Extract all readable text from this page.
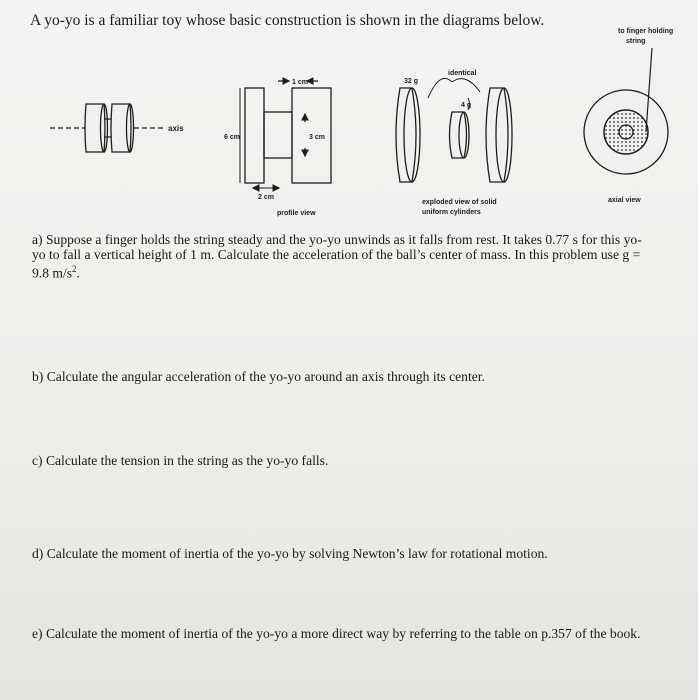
A yo-yo is a familiar toy whose basic construction is shown in the diagrams below.
axis
1 cm
6 cm	3 cm
2 cm
profile view
identical
32 g
4 g
exploded view of solid
uniform cylinders
to finger holding
string
axial view
a) Suppose a finger holds the string steady and the yo-yo unwinds as it falls from rest. It takes 0.77 s for this yo-
yo to fall a vertical height of 1 m. Calculate the acceleration of the ball’s center of mass. In this problem use g =
9.8 $m/s^2$.
b) Calculate the angular acceleration of the yo-yo around an axis through its center.
c) Calculate the tension in the string as the yo-yo falls.
d) Calculate the moment of inertia of the yo-yo by solving Newton’s law for rotational motion.
e) Calculate the moment of inertia of the yo-yo a more direct way by referring to the table on p.357 of the book.
